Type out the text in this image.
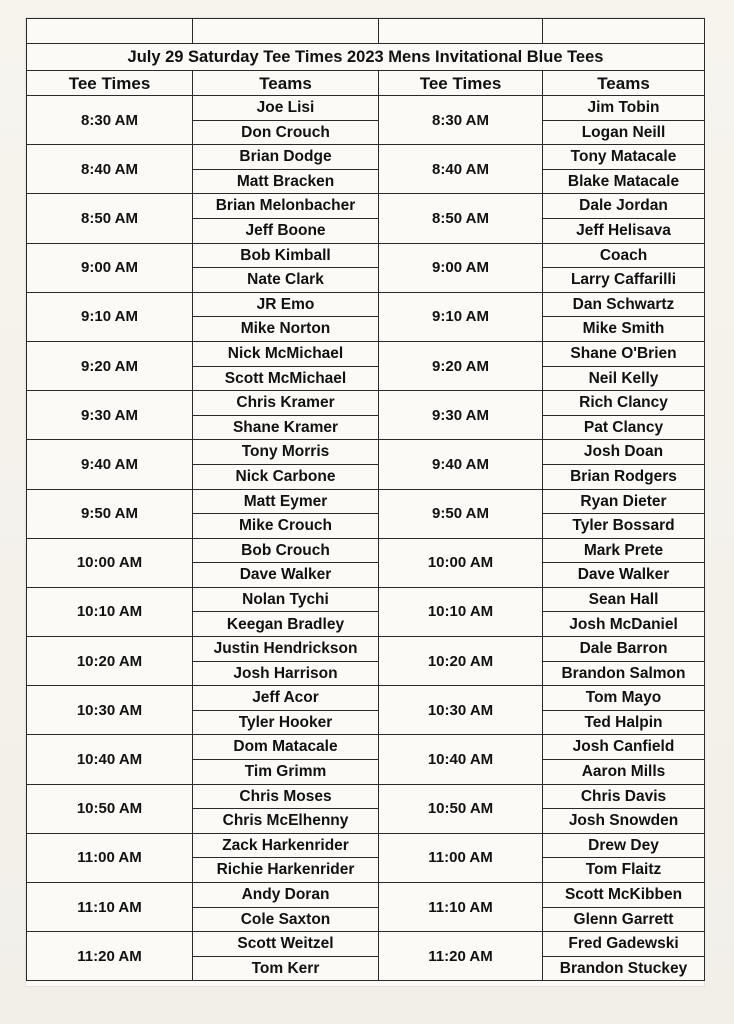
July 29 Saturday Tee Times 2023 Mens Invitational Blue Tees			
Tee Times	Teams	Tee Times	Teams
8:30 AM	Joe Lisi	8:30 AM	Jim Tobin
	Don Crouch		Logan Neill
8:40 AM	Brian Dodge	8:40 AM	Tony Matacale
	Matt Bracken		Blake Matacale
8:50 AM	Brian Melonbacher	8:50 AM	Dale Jordan
	Jeff Boone		Jeff Helisava
9:00 AM	Bob Kimball	9:00 AM	Coach
	Nate Clark		Larry Caffarilli
9:10 AM	JR Emo	9:10 AM	Dan Schwartz
	Mike Norton		Mike Smith
9:20 AM	Nick McMichael	9:20 AM	Shane O'Brien
	Scott McMichael		Neil Kelly
9:30 AM	Chris Kramer	9:30 AM	Rich Clancy
	Shane Kramer		Pat Clancy
9:40 AM	Tony Morris	9:40 AM	Josh Doan
	Nick Carbone		Brian Rodgers
9:50 AM	Matt Eymer	9:50 AM	Ryan Dieter
	Mike Crouch		Tyler Bossard
10:00 AM	Bob Crouch	10:00 AM	Mark Prete
	Dave Walker		Dave Walker
10:10 AM	Nolan Tychi	10:10 AM	Sean Hall
	Keegan Bradley		Josh McDaniel
10:20 AM	Justin Hendrickson	10:20 AM	Dale Barron
	Josh Harrison		Brandon Salmon
10:30 AM	Jeff Acor	10:30 AM	Tom Mayo
	Tyler Hooker		Ted Halpin
10:40 AM	Dom Matacale	10:40 AM	Josh Canfield
	Tim Grimm		Aaron Mills
10:50 AM	Chris Moses	10:50 AM	Chris Davis
	Chris McElhenny		Josh Snowden
11:00 AM	Zack Harkenrider	11:00 AM	Drew Dey
	Richie Harkenrider		Tom Flaitz
11:10 AM	Andy Doran	11:10 AM	Scott McKibben
	Cole Saxton		Glenn Garrett
11:20 AM	Scott Weitzel	11:20 AM	Fred Gadewski
	Tom Kerr		Brandon Stuckey
